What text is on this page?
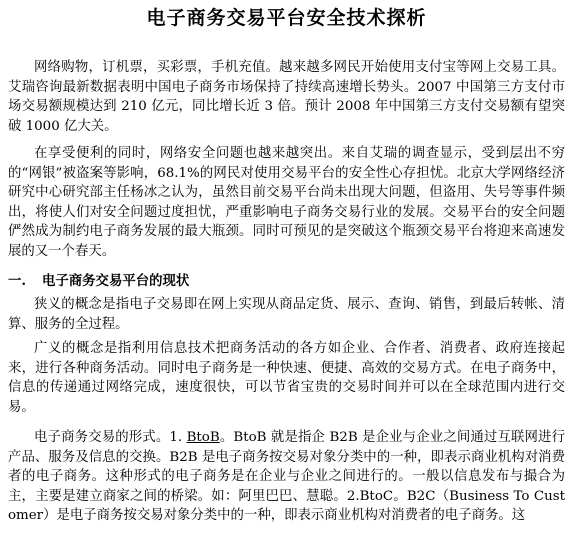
电子商务交易平台安全技术探析

网络购物，订机票，买彩票，手机充值。越来越多网民开始使用支付宝等网上交易工具。艾瑞咨询最新数据表明中国电子商务市场保持了持续高速增长势头。2007 中国第三方支付市场交易额规模达到 210 亿元，同比增长近 3 倍。预计 2008 年中国第三方支付交易额有望突破 1000 亿大关。

在享受便利的同时，网络安全问题也越来越突出。来自艾瑞的调查显示，受到层出不穷的“网银”被盗案等影响，68.1%的网民对使用交易平台的安全性心存担忧。北京大学网络经济研究中心研究部主任杨冰之认为，虽然目前交易平台尚未出现大问题，但盗用、失号等事件频出，将使人们对安全问题过度担忧，严重影响电子商务交易行业的发展。交易平台的安全问题俨然成为制约电子商务发展的最大瓶颈。同时可预见的是突破这个瓶颈交易平台将迎来高速发展的又一个春天。

一. 电子商务交易平台的现状

狭义的概念是指电子交易即在网上实现从商品定货、展示、查询、销售，到最后转帐、清算、服务的全过程。

广义的概念是指利用信息技术把商务活动的各方如企业、合作者、消费者、政府连接起来，进行各种商务活动。同时电子商务是一种快速、便捷、高效的交易方式。在电子商务中，信息的传递通过网络完成，速度很快，可以节省宝贵的交易时间并可以在全球范围内进行交易。

电子商务交易的形式。1. BtoB。BtoB 就是指企 B2B 是企业与企业之间通过互联网进行产品、服务及信息的交换。B2B 是电子商务按交易对象分类中的一种，即表示商业机构对消费者的电子商务。这种形式的电子商务是在企业与企业之间进行的。一般以信息发布与撮合为主，主要是建立商家之间的桥梁。如：阿里巴巴、慧聪。2.BtoC。B2C（Business To Customer）是电子商务按交易对象分类中的一种，即表示商业机构对消费者的电子商务。这
